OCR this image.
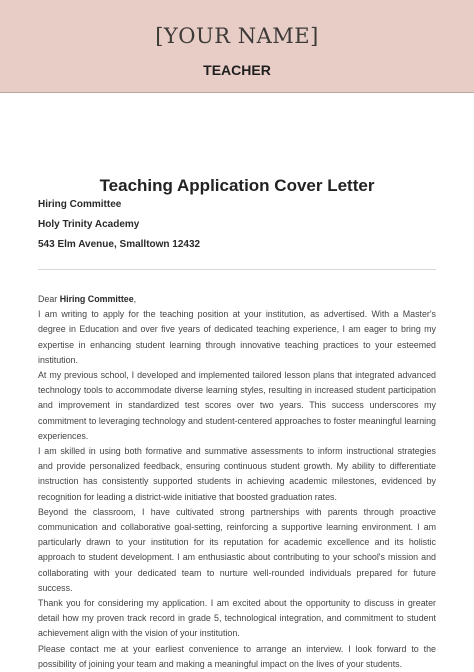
[YOUR NAME]
TEACHER
Teaching Application Cover Letter
Hiring Committee
Holy Trinity Academy
543 Elm Avenue, Smalltown 12432

Dear Hiring Committee,

I am writing to apply for the teaching position at your institution, as advertised. With a Master's degree in Education and over five years of dedicated teaching experience, I am eager to bring my expertise in enhancing student learning through innovative teaching practices to your esteemed institution.

At my previous school, I developed and implemented tailored lesson plans that integrated advanced technology tools to accommodate diverse learning styles, resulting in increased student participation and improvement in standardized test scores over two years. This success underscores my commitment to leveraging technology and student-centered approaches to foster meaningful learning experiences.

I am skilled in using both formative and summative assessments to inform instructional strategies and provide personalized feedback, ensuring continuous student growth. My ability to differentiate instruction has consistently supported students in achieving academic milestones, evidenced by recognition for leading a district-wide initiative that boosted graduation rates.

Beyond the classroom, I have cultivated strong partnerships with parents through proactive communication and collaborative goal-setting, reinforcing a supportive learning environment. I am particularly drawn to your institution for its reputation for academic excellence and its holistic approach to student development. I am enthusiastic about contributing to your school's mission and collaborating with your dedicated team to nurture well-rounded individuals prepared for future success.

Thank you for considering my application. I am excited about the opportunity to discuss in greater detail how my proven track record in grade 5, technological integration, and commitment to student achievement align with the vision of your institution.

Please contact me at your earliest convenience to arrange an interview. I look forward to the possibility of joining your team and making a meaningful impact on the lives of your students.
